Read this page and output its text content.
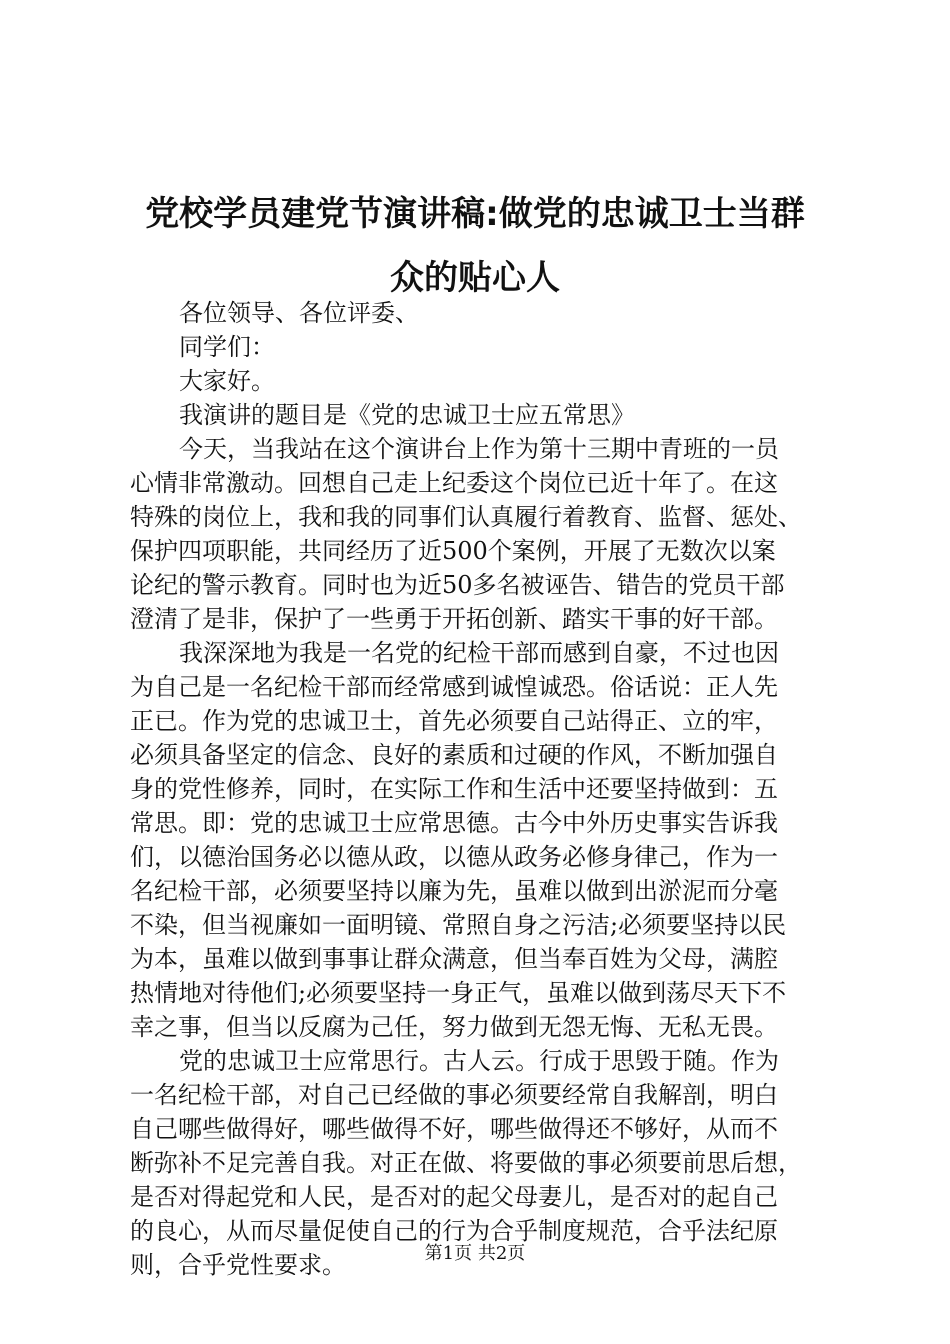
党校学员建党节演讲稿:做党的忠诚卫士当群
众的贴心人
各位领导、各位评委、
同学们：
大家好。
我演讲的题目是《党的忠诚卫士应五常思》
今天，当我站在这个演讲台上作为第十三期中青班的一员
心情非常激动。回想自己走上纪委这个岗位已近十年了。在这
特殊的岗位上，我和我的同事们认真履行着教育、监督、惩处、
保护四项职能，共同经历了近500个案例，开展了无数次以案
论纪的警示教育。同时也为近50多名被诬告、错告的党员干部
澄清了是非，保护了一些勇于开拓创新、踏实干事的好干部。
我深深地为我是一名党的纪检干部而感到自豪，不过也因
为自己是一名纪检干部而经常感到诚惶诚恐。俗话说：正人先
正已。作为党的忠诚卫士，首先必须要自己站得正、立的牢，
必须具备坚定的信念、良好的素质和过硬的作风，不断加强自
身的党性修养，同时，在实际工作和生活中还要坚持做到：五
常思。即：党的忠诚卫士应常思德。古今中外历史事实告诉我
们，以德治国务必以德从政，以德从政务必修身律己，作为一
名纪检干部，必须要坚持以廉为先，虽难以做到出淤泥而分毫
不染，但当视廉如一面明镜、常照自身之污洁;必须要坚持以民
为本，虽难以做到事事让群众满意，但当奉百姓为父母，满腔
热情地对待他们;必须要坚持一身正气，虽难以做到荡尽天下不
幸之事，但当以反腐为己任，努力做到无怨无悔、无私无畏。
党的忠诚卫士应常思行。古人云。行成于思毁于随。作为
一名纪检干部，对自己已经做的事必须要经常自我解剖，明白
自己哪些做得好，哪些做得不好，哪些做得还不够好，从而不
断弥补不足完善自我。对正在做、将要做的事必须要前思后想，
是否对得起党和人民，是否对的起父母妻儿，是否对的起自己
的良心，从而尽量促使自己的行为合乎制度规范，合乎法纪原
则，合乎党性要求。	第1页 共2页
